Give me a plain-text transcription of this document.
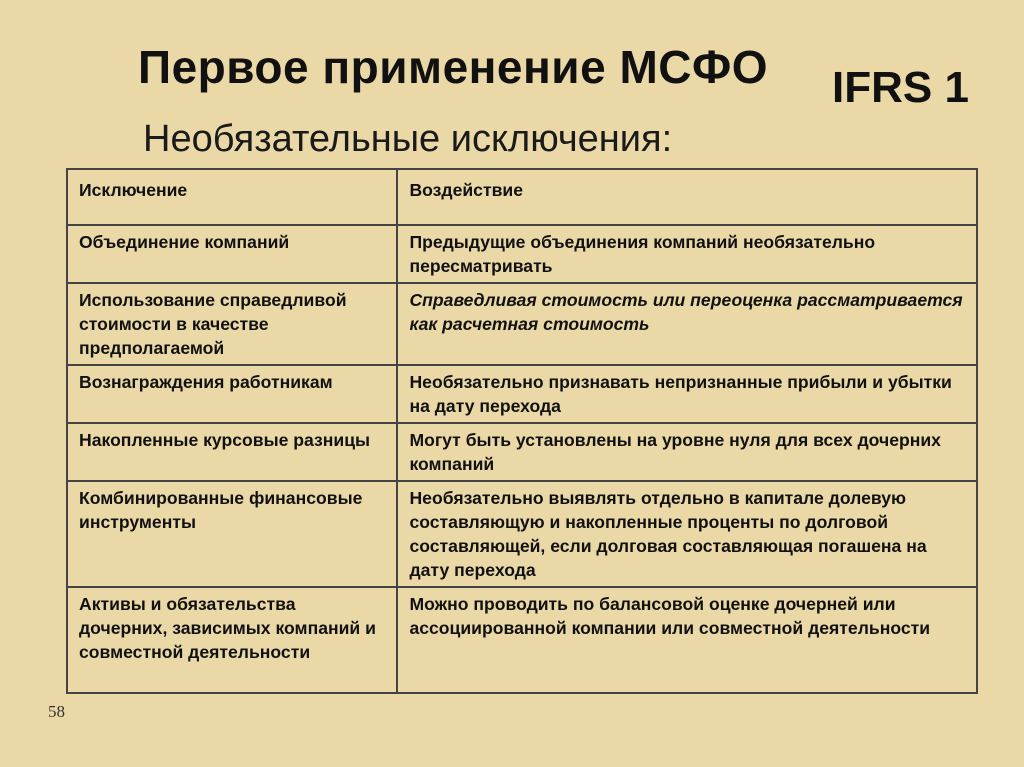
Первое применение МСФО IFRS 1
Необязательные исключения:
Исключение	Воздействие
Объединение компаний	Предыдущие объединения компаний необязательно пересматривать
Использование справедливой стоимости в качестве предполагаемой	Справедливая стоимость или переоценка рассматривается как расчетная стоимость
Вознаграждения работникам	Необязательно признавать непризнанные прибыли и убытки на дату перехода
Накопленные курсовые разницы	Могут быть установлены на уровне нуля для всех дочерних компаний
Комбинированные финансовые инструменты	Необязательно выявлять отдельно в капитале долевую составляющую и накопленные проценты по долговой составляющей, если долговая составляющая погашена на дату перехода
Активы и обязательства дочерних, зависимых компаний и совместной деятельности	Можно проводить по балансовой оценке дочерней или ассоциированной компании или совместной деятельности
58
